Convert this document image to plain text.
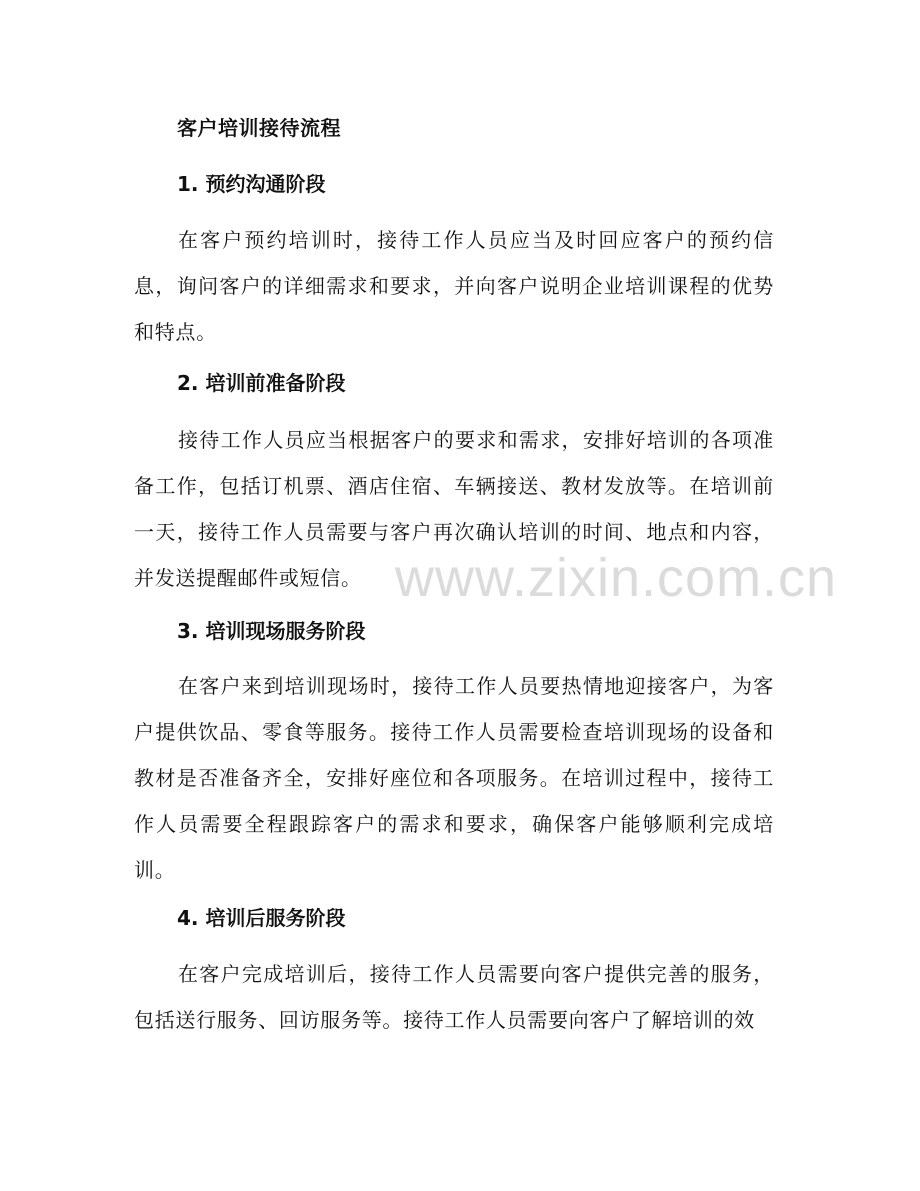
客户培训接待流程
1. 预约沟通阶段
在客户预约培训时，接待工作人员应当及时回应客户的预约信息，询问客户的详细需求和要求，并向客户说明企业培训课程的优势和特点。
2. 培训前准备阶段
接待工作人员应当根据客户的要求和需求，安排好培训的各项准备工作，包括订机票、酒店住宿、车辆接送、教材发放等。在培训前一天，接待工作人员需要与客户再次确认培训的时间、地点和内容，并发送提醒邮件或短信。
3. 培训现场服务阶段
在客户来到培训现场时，接待工作人员要热情地迎接客户，为客户提供饮品、零食等服务。接待工作人员需要检查培训现场的设备和教材是否准备齐全，安排好座位和各项服务。在培训过程中，接待工作人员需要全程跟踪客户的需求和要求，确保客户能够顺利完成培训。
4. 培训后服务阶段
在客户完成培训后，接待工作人员需要向客户提供完善的服务，包括送行服务、回访服务等。接待工作人员需要向客户了解培训的效
www.zixin.com.cn
